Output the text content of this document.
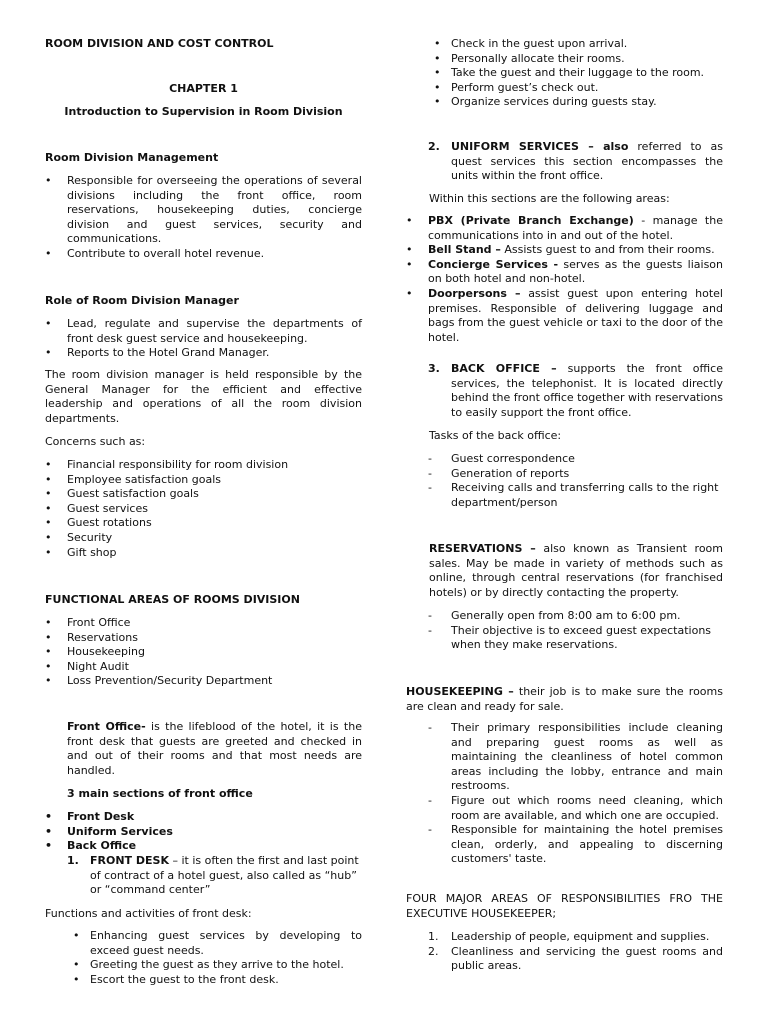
ROOM DIVISION AND COST CONTROL
CHAPTER 1
Introduction to Supervision in Room Division
Room Division Management
• Responsible for overseeing the operations of several divisions including the front office, room reservations, housekeeping duties, concierge division and guest services, security and communications.
• Contribute to overall hotel revenue.
Role of Room Division Manager
• Lead, regulate and supervise the departments of front desk guest service and housekeeping.
• Reports to the Hotel Grand Manager.
The room division manager is held responsible by the General Manager for the efficient and effective leadership and operations of all the room division departments.
Concerns such as:
• Financial responsibility for room division
• Employee satisfaction goals
• Guest satisfaction goals
• Guest services
• Guest rotations
• Security
• Gift shop
FUNCTIONAL AREAS OF ROOMS DIVISION
• Front Office
• Reservations
• Housekeeping
• Night Audit
• Loss Prevention/Security Department
Front Office- is the lifeblood of the hotel, it is the front desk that guests are greeted and checked in and out of their rooms and that most needs are handled.
3 main sections of front office
• Front Desk
• Uniform Services
• Back Office
1. FRONT DESK – it is often the first and last point of contract of a hotel guest, also called as “hub” or “command center”
Functions and activities of front desk:
• Enhancing guest services by developing to exceed guest needs.
• Greeting the guest as they arrive to the hotel.
• Escort the guest to the front desk.
• Check in the guest upon arrival.
• Personally allocate their rooms.
• Take the guest and their luggage to the room.
• Perform guest’s check out.
• Organize services during guests stay.
2. UNIFORM SERVICES – also referred to as quest services this section encompasses the units within the front office.
Within this sections are the following areas:
• PBX (Private Branch Exchange) - manage the communications into in and out of the hotel.
• Bell Stand – Assists guest to and from their rooms.
• Concierge Services - serves as the guests liaison on both hotel and non-hotel.
• Doorpersons – assist guest upon entering hotel premises. Responsible of delivering luggage and bags from the guest vehicle or taxi to the door of the hotel.
3. BACK OFFICE – supports the front office services, the telephonist. It is located directly behind the front office together with reservations to easily support the front office.
Tasks of the back office:
- Guest correspondence
- Generation of reports
- Receiving calls and transferring calls to the right department/person
RESERVATIONS – also known as Transient room sales. May be made in variety of methods such as online, through central reservations (for franchised hotels) or by directly contacting the property.
- Generally open from 8:00 am to 6:00 pm.
- Their objective is to exceed guest expectations when they make reservations.
HOUSEKEEPING – their job is to make sure the rooms are clean and ready for sale.
- Their primary responsibilities include cleaning and preparing guest rooms as well as maintaining the cleanliness of hotel common areas including the lobby, entrance and main restrooms.
- Figure out which rooms need cleaning, which room are available, and which one are occupied.
- Responsible for maintaining the hotel premises clean, orderly, and appealing to discerning customers' taste.
FOUR MAJOR AREAS OF RESPONSIBILITIES FRO THE EXECUTIVE HOUSEKEEPER;
1. Leadership of people, equipment and supplies.
2. Cleanliness and servicing the guest rooms and public areas.
